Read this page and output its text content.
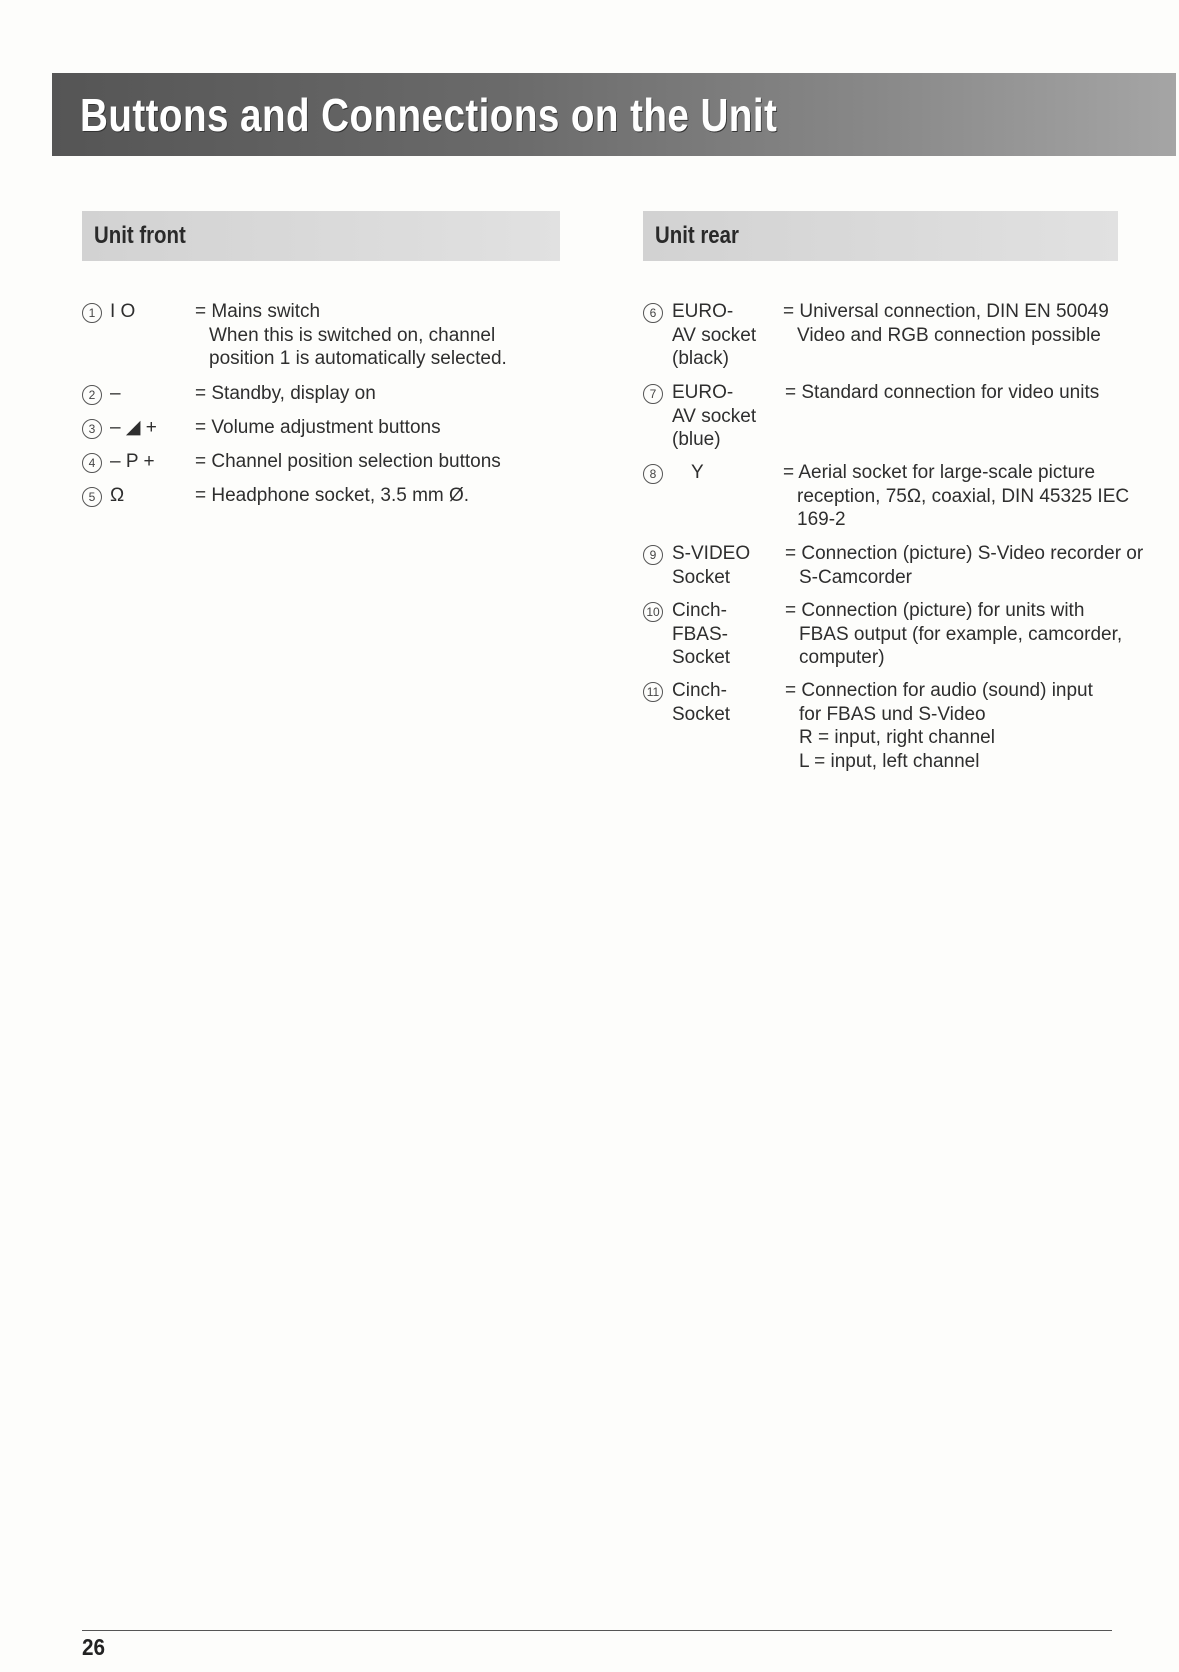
Buttons and Connections on the Unit
Unit front	Unit rear
1 I O	= Mains switch
When this is switched on, channel
position 1 is automatically selected.
2 –	= Standby, display on
3 – ◢ + = Volume adjustment buttons
4 – P + = Channel position selection buttons
5 Ω	= Headphone socket, 3.5 mm Ø.
6 EURO-
AV socket
(black)
= Universal connection, DIN EN 50049
Video and RGB connection possible
7 EURO-
AV socket
(blue)
= Standard connection for video units
8	Y	= Aerial socket for large-scale picture
reception, 75Ω, coaxial, DIN 45325 IEC
169-2
9 S-VIDEO
Socket
= Connection (picture) S-Video recorder or
S-Camcorder
10 Cinch-
FBAS-
Socket
= Connection (picture) for units with
FBAS output (for example, camcorder,
computer)
11 Cinch-
Socket
= Connection for audio (sound) input
for FBAS und S-Video
R = input, right channel
L = input, left channel
26
